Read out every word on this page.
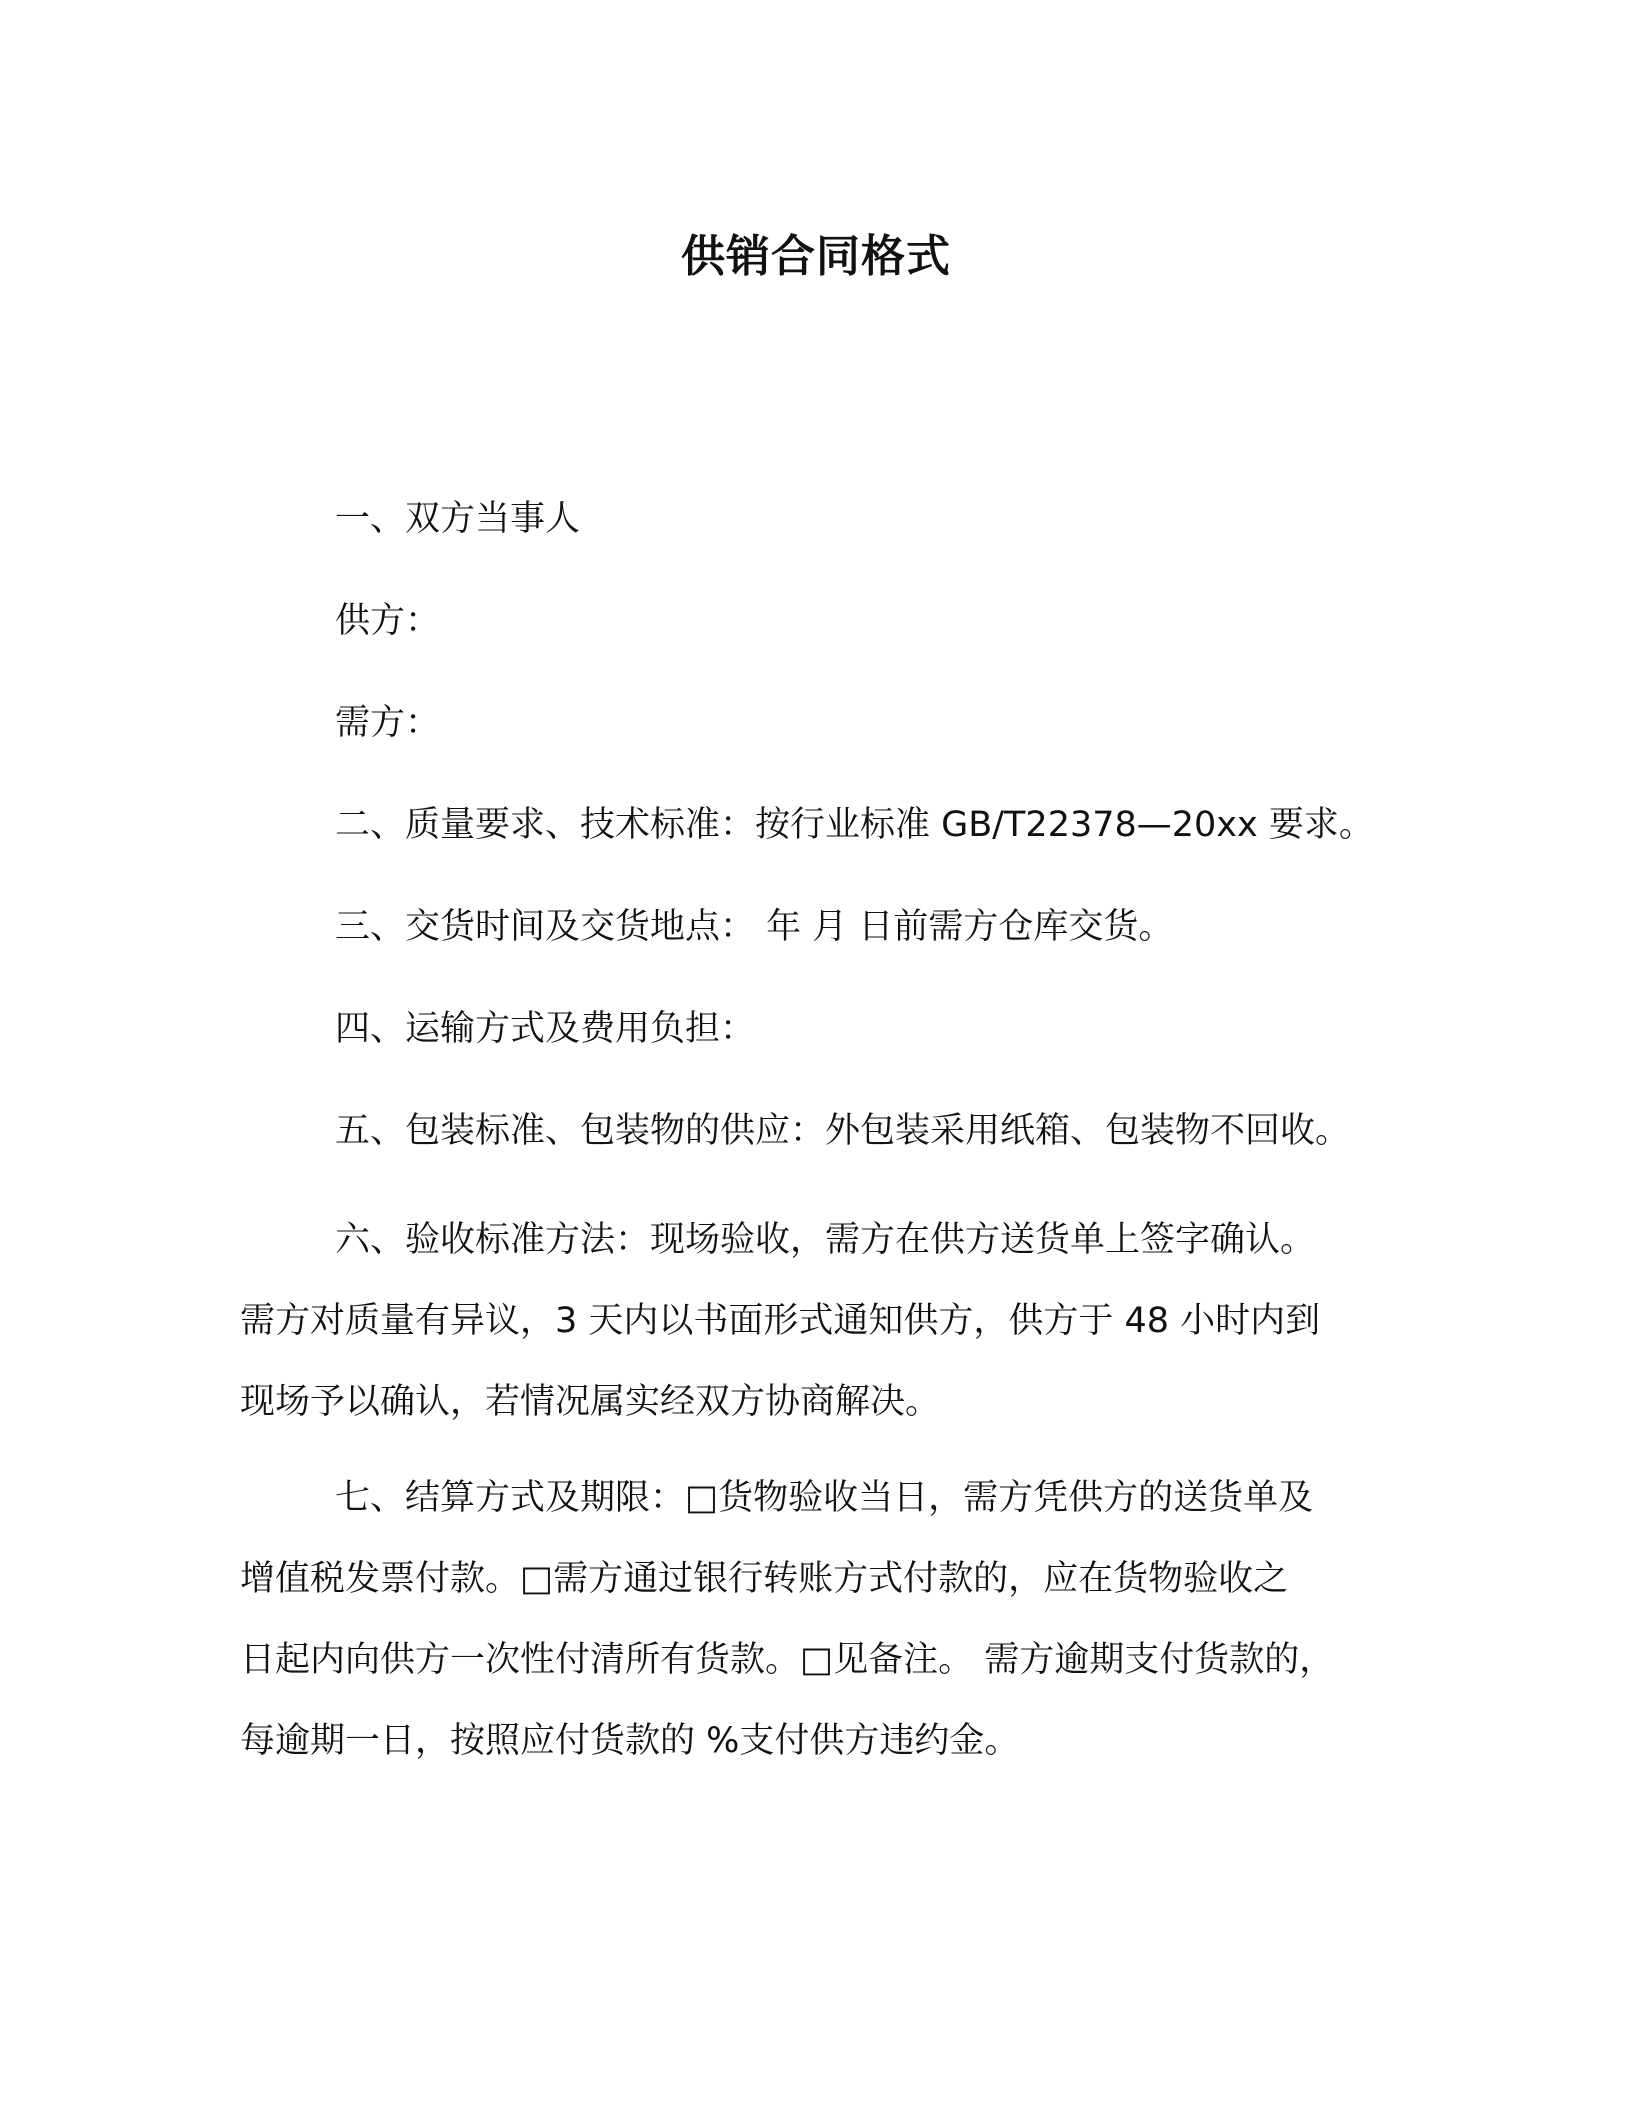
供销合同格式
一、双方当事人
供方：
需方：
二、质量要求、技术标准：按行业标准 GB/T22378—20xx 要求。
三、交货时间及交货地点： 年 月 日前需方仓库交货。
四、运输方式及费用负担：
五、包装标准、包装物的供应：外包装采用纸箱、包装物不回收。
六、验收标准方法：现场验收，需方在供方送货单上签字确认。
需方对质量有异议，3 天内以书面形式通知供方，供方于 48 小时内到
现场予以确认，若情况属实经双方协商解决。
七、结算方式及期限：□货物验收当日，需方凭供方的送货单及
增值税发票付款。□需方通过银行转账方式付款的，应在货物验收之
日起内向供方一次性付清所有货款。□见备注。 需方逾期支付货款的，
每逾期一日，按照应付货款的 %支付供方违约金。
